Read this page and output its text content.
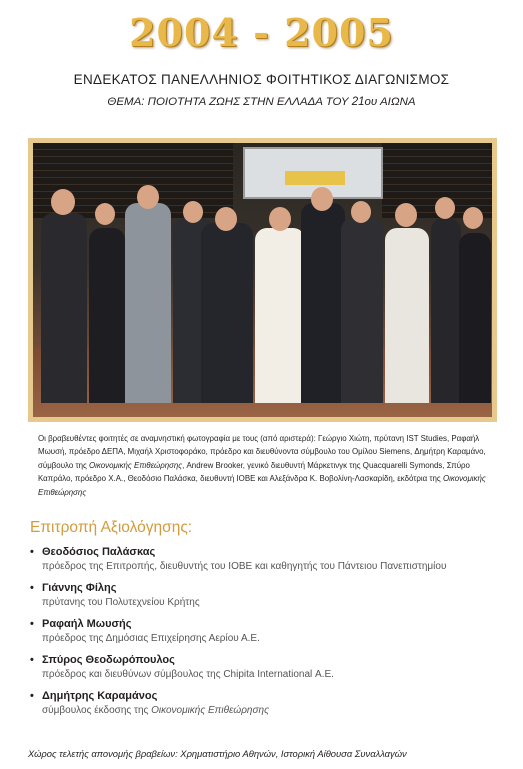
2004 - 2005
ΕΝΔΕΚΑΤΟΣ ΠΑΝΕΛΛΗΝΙΟΣ ΦΟΙΤΗΤΙΚΟΣ ΔΙΑΓΩΝΙΣΜΟΣ
ΘΕΜΑ: ΠΟΙΟΤΗΤΑ ΖΩΗΣ ΣΤΗΝ ΕΛΛΑΔΑ ΤΟΥ 21ου ΑΙΩΝΑ

Οι βραβευθέντες φοιτητές σε αναμνηστική φωτογραφία με τους (από αριστερά): Γεώργιο Χιώτη, πρύτανη IST Studies, Ραφαήλ Μωυσή, πρόεδρο ΔΕΠΑ, Μιχαήλ Χριστοφοράκο, πρόεδρο και διευθύνοντα σύμβουλο του Ομίλου Siemens, Δημήτρη Καραμάνο, σύμβουλο της Οικονομικής Επιθεώρησης, Andrew Brooker, γενικό διευθυντή Μάρκετινγκ της Quacquarelli Symonds, Σπύρο Καπράλο, πρόεδρο Χ.Α., Θεοδόσιο Παλάσκα, διευθυντή ΙΟΒΕ και Αλεξάνδρα Κ. Βοβολίνη-Λασκαρίδη, εκδότρια της Οικονομικής Επιθεώρησης

Επιτροπή Αξιολόγησης:
• Θεοδόσιος Παλάσκας
πρόεδρος της Επιτροπής, διευθυντής του ΙΟΒΕ και καθηγητής του Πάντειου Πανεπιστημίου
• Γιάννης Φίλης
πρύτανης του Πολυτεχνείου Κρήτης
• Ραφαήλ Μωυσής
πρόεδρος της Δημόσιας Επιχείρησης Αερίου Α.Ε.
• Σπύρος Θεοδωρόπουλος
πρόεδρος και διευθύνων σύμβουλος της Chipita International Α.Ε.
• Δημήτρης Καραμάνος
σύμβουλος έκδοσης της Οικονομικής Επιθεώρησης
Χώρος τελετής απονομής βραβείων: Χρηματιστήριο Αθηνών, Ιστορική Αίθουσα Συναλλαγών
